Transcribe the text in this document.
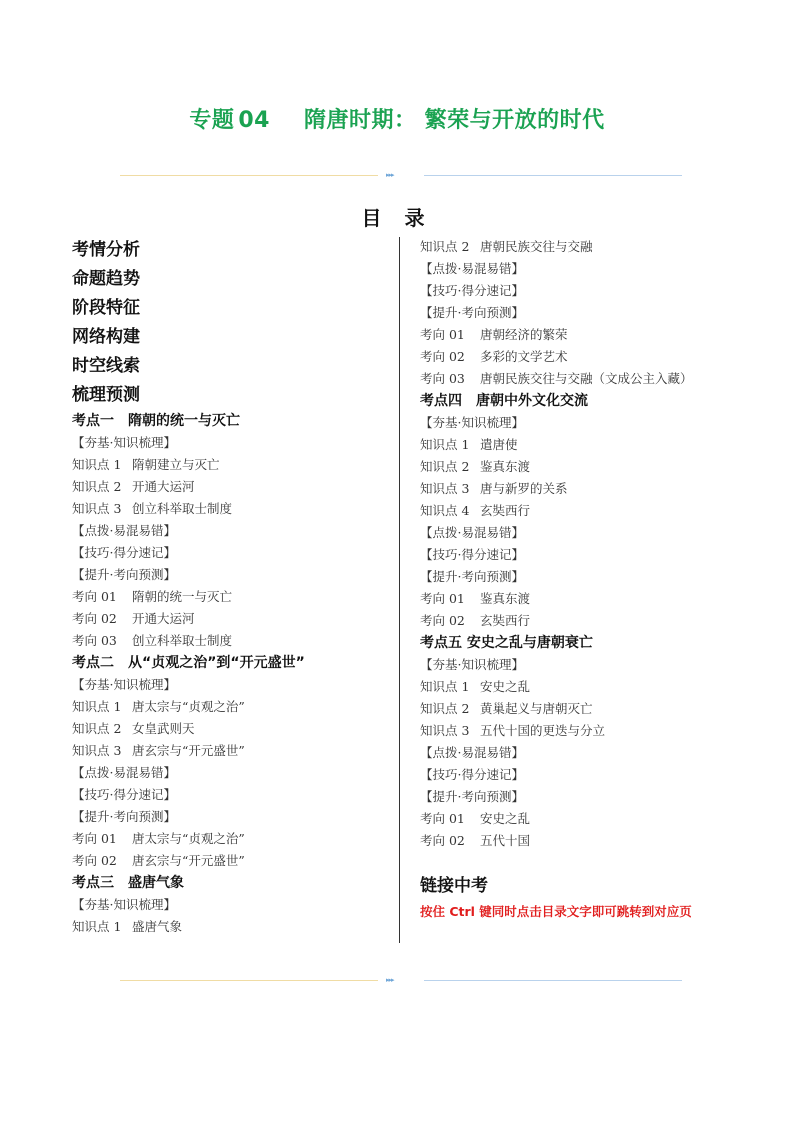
专题 04 隋唐时期： 繁荣与开放的时代
▸▸▸
目 录
考情分析
命题趋势
阶段特征
网络构建
时空线索
梳理预测
考点一　隋朝的统一与灭亡
【夯基·知识梳理】
知识点 1 隋朝建立与灭亡
知识点 2 开通大运河
知识点 3 创立科举取士制度
【点拨·易混易错】
【技巧·得分速记】
【提升·考向预测】
考向 01 隋朝的统一与灭亡
考向 02 开通大运河
考向 03 创立科举取士制度
考点二　从“贞观之治”到“开元盛世”
【夯基·知识梳理】
知识点 1 唐太宗与“贞观之治”
知识点 2 女皇武则天
知识点 3 唐玄宗与“开元盛世”
【点拨·易混易错】
【技巧·得分速记】
【提升·考向预测】
考向 01 唐太宗与“贞观之治”
考向 02 唐玄宗与“开元盛世”
考点三　盛唐气象
【夯基·知识梳理】
知识点 1 盛唐气象
知识点 2 唐朝民族交往与交融
【点拨·易混易错】
【技巧·得分速记】
【提升·考向预测】
考向 01 唐朝经济的繁荣
考向 02 多彩的文学艺术
考向 03 唐朝民族交往与交融（文成公主入藏）
考点四　唐朝中外文化交流
【夯基·知识梳理】
知识点 1 遣唐使
知识点 2 鉴真东渡
知识点 3 唐与新罗的关系
知识点 4 玄奘西行
【点拨·易混易错】
【技巧·得分速记】
【提升·考向预测】
考向 01 鉴真东渡
考向 02 玄奘西行
考点五 安史之乱与唐朝衰亡
【夯基·知识梳理】
知识点 1 安史之乱
知识点 2 黄巢起义与唐朝灭亡
知识点 3 五代十国的更迭与分立
【点拨·易混易错】
【技巧·得分速记】
【提升·考向预测】
考向 01 安史之乱
考向 02 五代十国
链接中考
按住 Ctrl 键同时点击目录文字即可跳转到对应页
▸▸▸
